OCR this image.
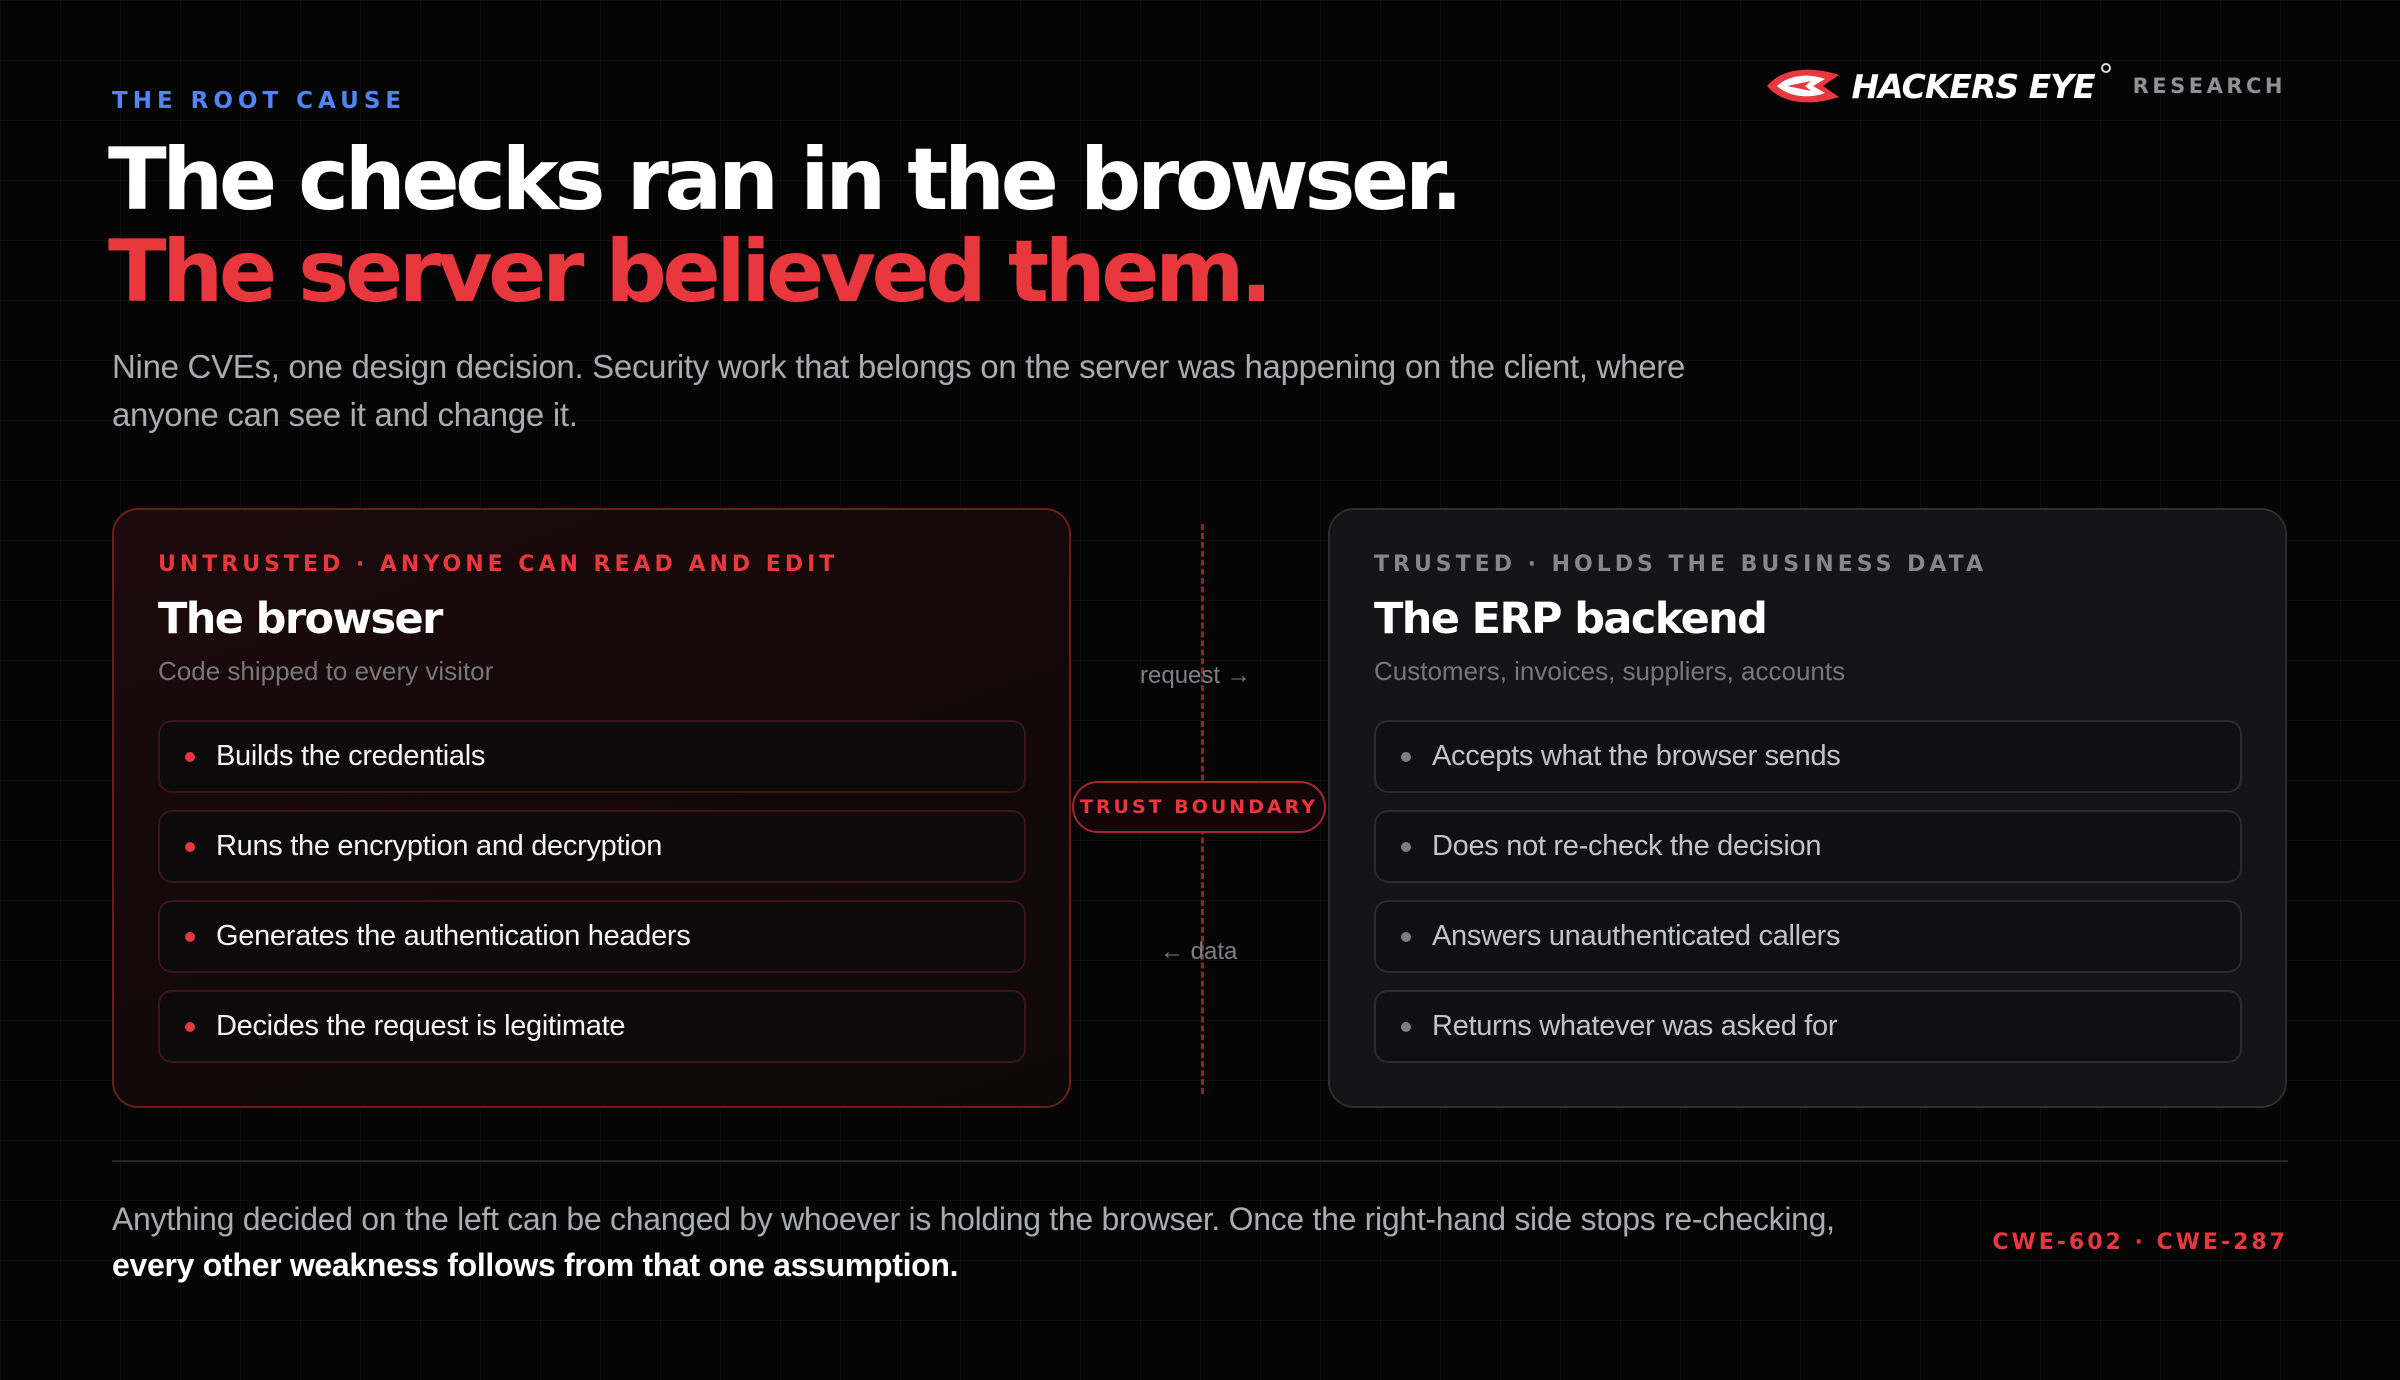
THE ROOT CAUSE	HACKERS EYE RESEARCH
The checks ran in the browser.
The server believed them.

Nine CVEs, one design decision. Security work that belongs on the server was happening on the client, where anyone can see it and change it.

UNTRUSTED · ANYONE CAN READ AND EDIT
The browser
Code shipped to every visitor
Builds the credentials
Runs the encryption and decryption
Generates the authentication headers
Decides the request is legitimate
request →
TRUST BOUNDARY
← data
TRUSTED · HOLDS THE BUSINESS DATA
The ERP backend
Customers, invoices, suppliers, accounts
Accepts what the browser sends
Does not re-check the decision
Answers unauthenticated callers
Returns whatever was asked for

Anything decided on the left can be changed by whoever is holding the browser. Once the right-hand side stops re-checking,
every other weakness follows from that one assumption.

CWE-602 · CWE-287
